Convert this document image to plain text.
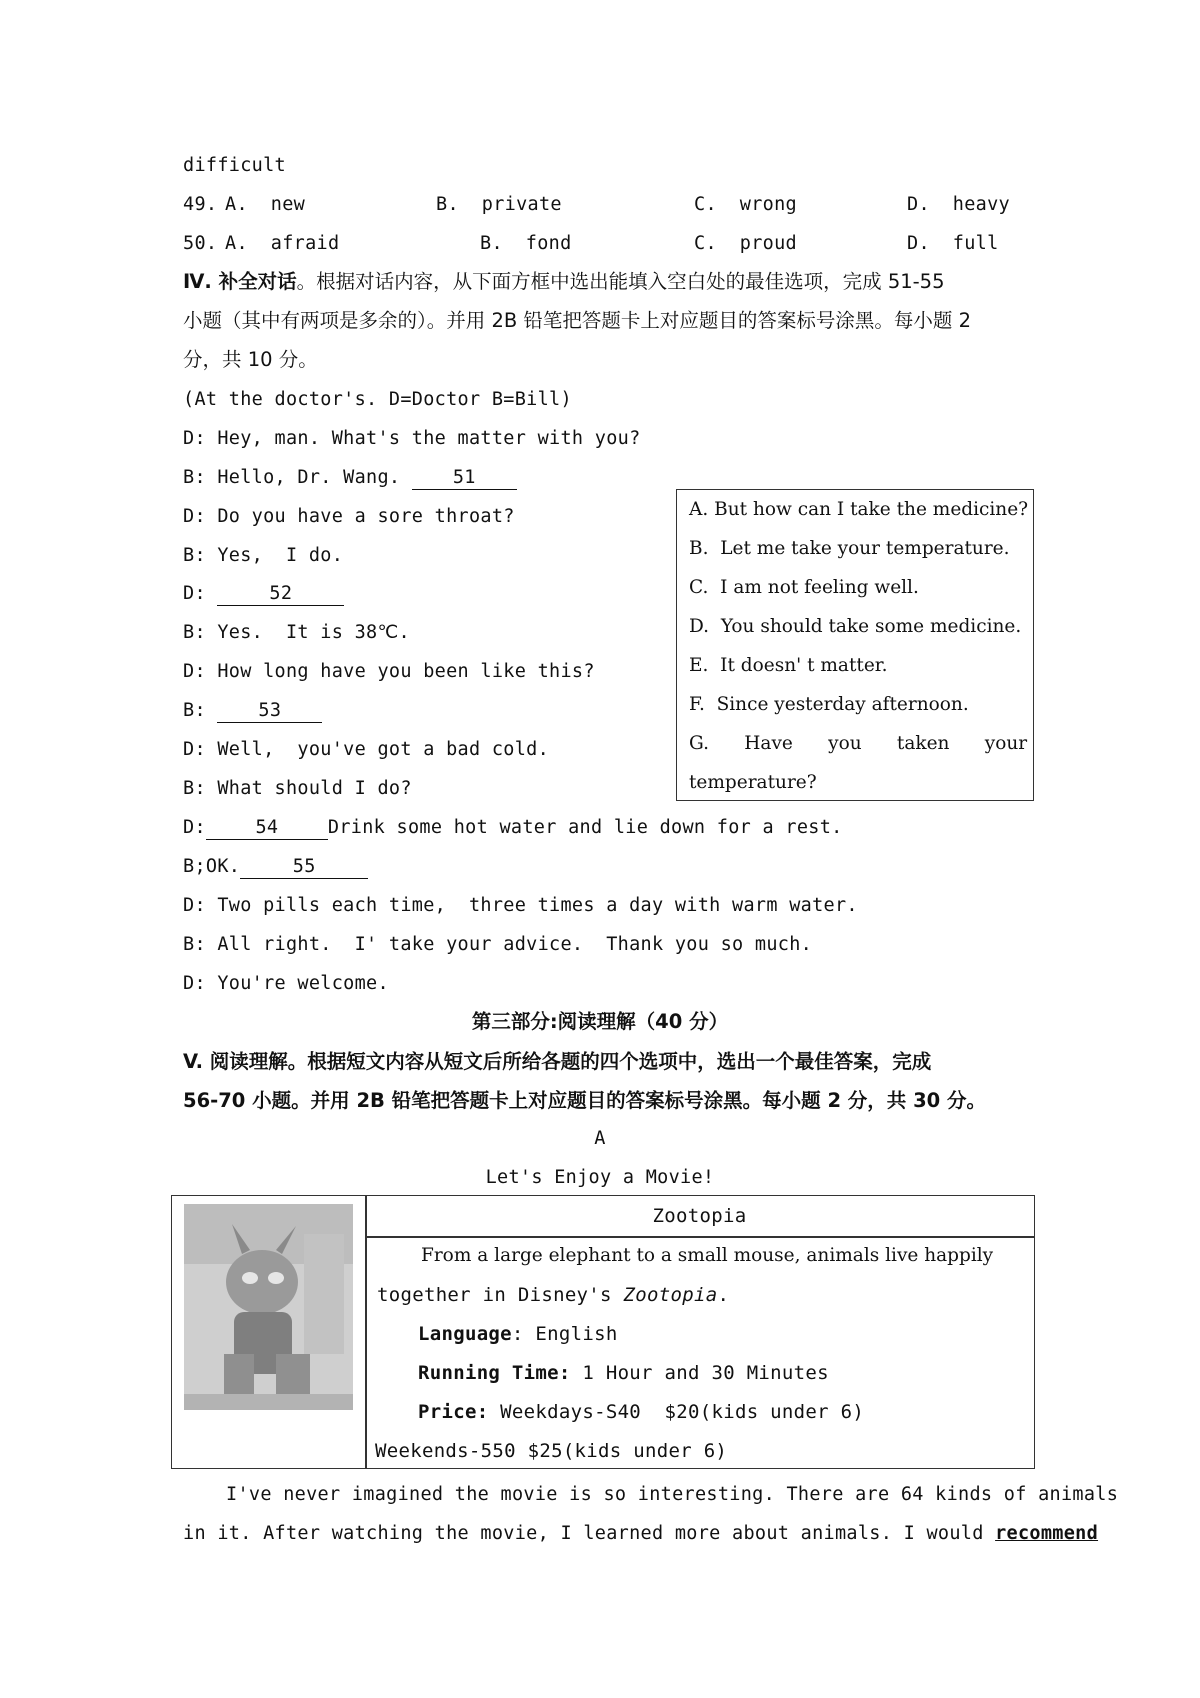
difficult
49. A.  new	B.  private	C.  wrong	D.  heavy
50. A.  afraid	B.  fond	C.  proud	D.  full
Ⅳ. 补全对话。根据对话内容，从下面方框中选出能填入空白处的最佳选项，完成 51-55
小题（其中有两项是多余的）。并用 2B 铅笔把答题卡上对应题目的答案标号涂黑。每小题 2
分，共 10 分。
(At the doctor's. D=Doctor B=Bill)
D: Hey, man. What's the matter with you?
B: Hello, Dr. Wang. 51
D: Do you have a sore throat?
B: Yes,  I do.
D:	52
B: Yes.  It is 38℃.
D: How long have you been like this?
B: 53
D: Well,  you've got a bad cold.
B: What should I do?
D:	54	Drink some hot water and lie down for a rest.
B;OK.	55
D: Two pills each time,  three times a day with warm water.
B: All right.  I' take your advice.  Thank you so much.
D: You're welcome.
A. But how can I take the medicine?
B.  Let me take your temperature.
C.  I am not feeling well.
D.  You should take some medicine.
E.  It doesn' t matter.
F.  Since yesterday afternoon.
G.      Have      you      taken      your
temperature?
第三部分:阅读理解（40 分）
V. 阅读理解。根据短文内容从短文后所给各题的四个选项中，选出一个最佳答案，完成
56-70 小题。并用 2B 铅笔把答题卡上对应题目的答案标号涂黑。每小题 2 分，共 30 分。
A
Let's Enjoy a Movie!
Zootopia
From a large elephant to a small mouse, animals live happily
together in Disney's Zootopia.
Language: English
Running Time: 1 Hour and 30 Minutes
Price: Weekdays-S40  $20(kids under 6)
Weekends-550 $25(kids under 6)
I've never imagined the movie is so interesting. There are 64 kinds of animals
in it. After watching the movie, I learned more about animals. I would recommend
